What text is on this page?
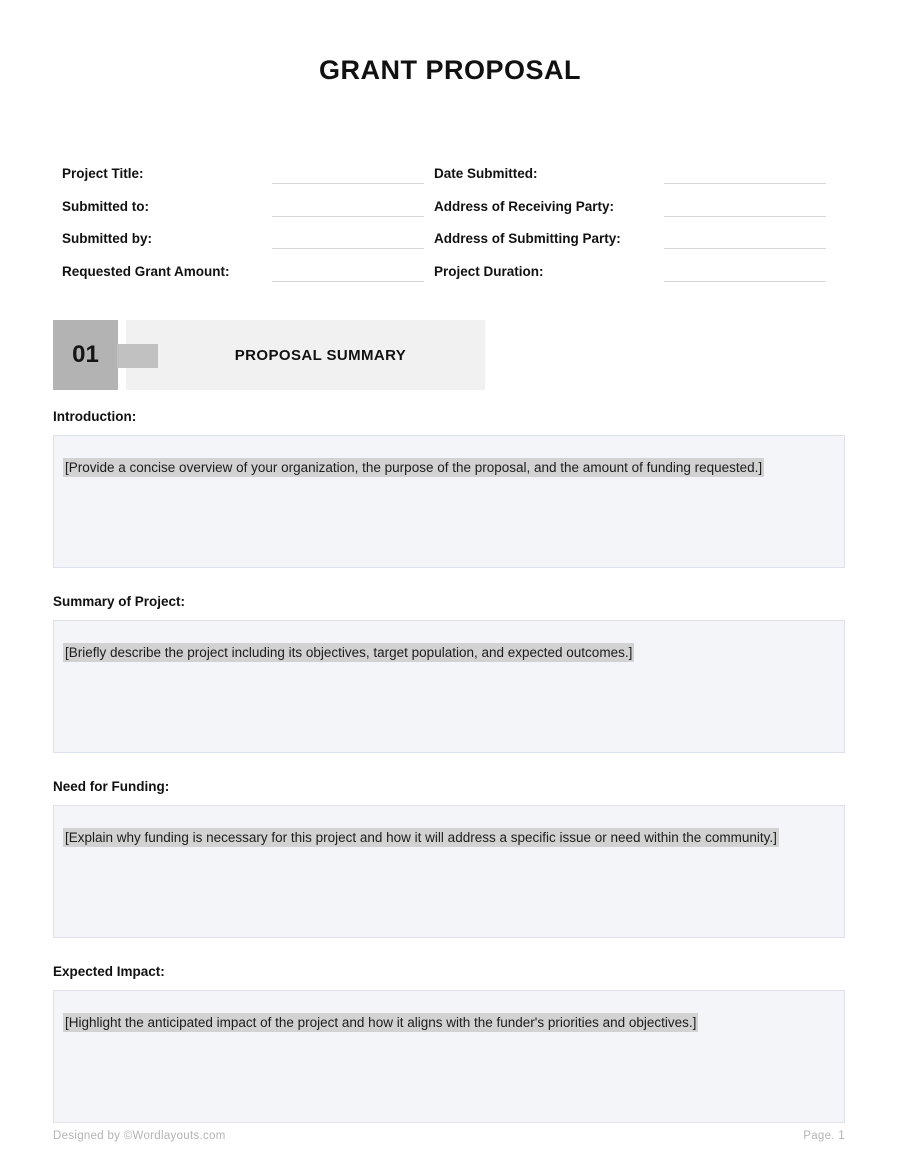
GRANT PROPOSAL
Project Title:	Date Submitted:
Submitted to:	Address of Receiving Party:
Submitted by:	Address of Submitting Party:
Requested Grant Amount:	Project Duration:
01	PROPOSAL SUMMARY
Introduction:
[Provide a concise overview of your organization, the purpose of the proposal, and the amount of funding requested.]
Summary of Project:
[Briefly describe the project including its objectives, target population, and expected outcomes.]
Need for Funding:
[Explain why funding is necessary for this project and how it will address a specific issue or need within the community.]
Expected Impact:
[Highlight the anticipated impact of the project and how it aligns with the funder's priorities and objectives.]
Designed by ©Wordlayouts.com	Page. 1
